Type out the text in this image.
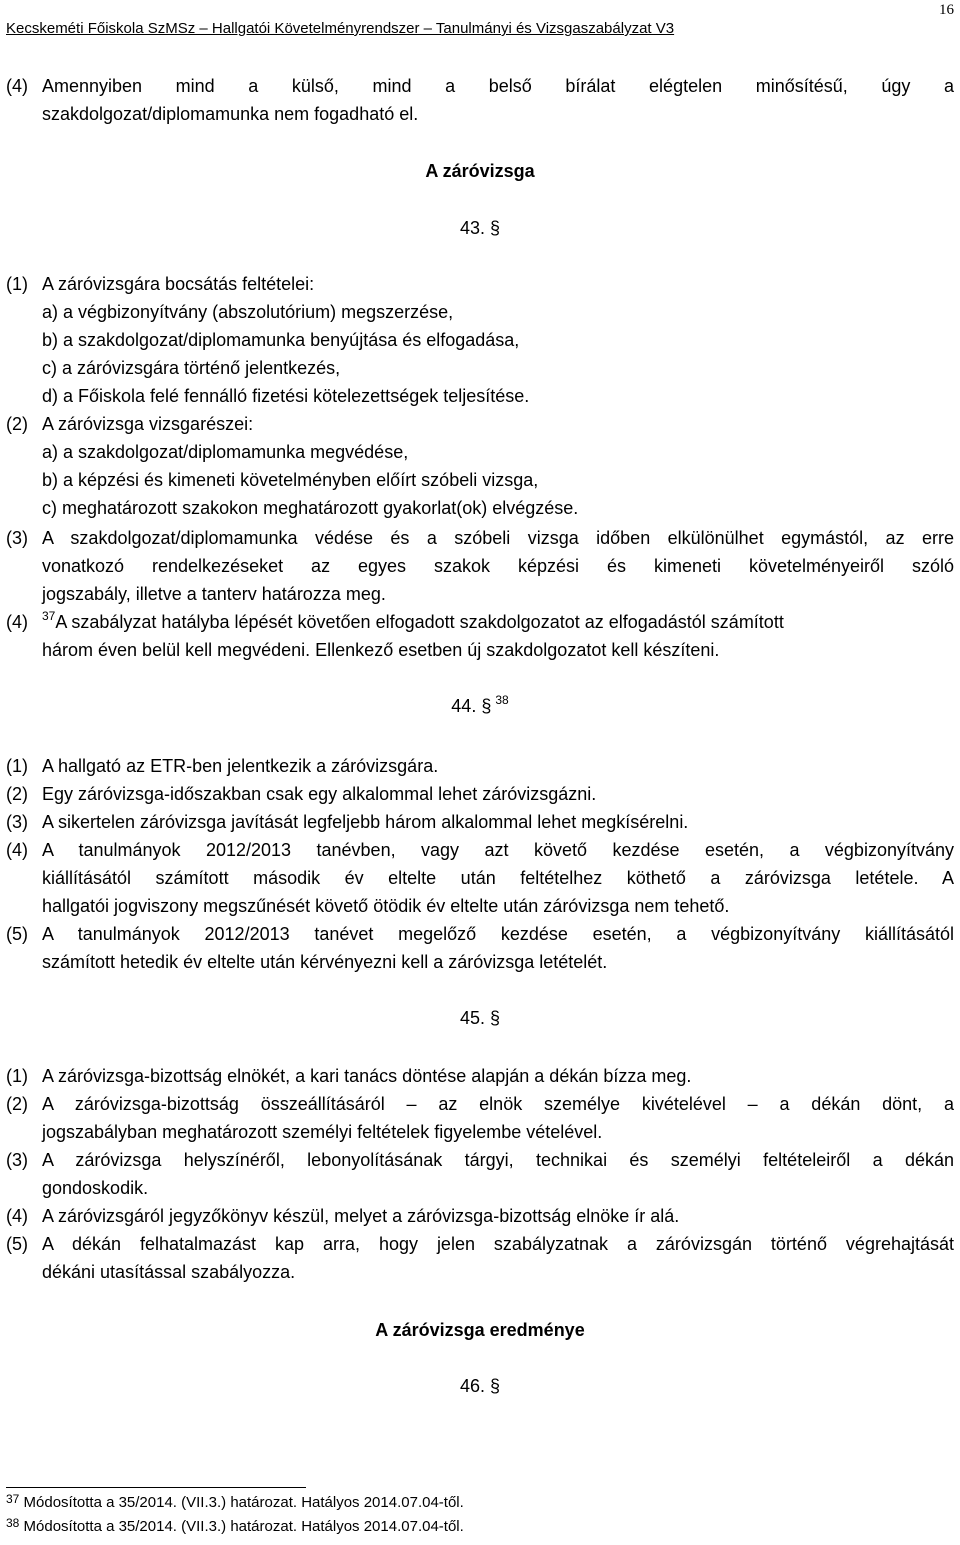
16
Kecskeméti Főiskola SzMSz – Hallgatói Követelményrendszer – Tanulmányi és Vizsgaszabályzat V3
(4) Amennyiben mind a külső, mind a belső bírálat elégtelen minősítésű, úgy a
szakdolgozat/diplomamunka nem fogadható el.
A záróvizsga
43. §
(1) A záróvizsgára bocsátás feltételei:
a) a végbizonyítvány (abszolutórium) megszerzése,
b) a szakdolgozat/diplomamunka benyújtása és elfogadása,
c) a záróvizsgára történő jelentkezés,
d) a Főiskola felé fennálló fizetési kötelezettségek teljesítése.
(2) A záróvizsga vizsgarészei:
a) a szakdolgozat/diplomamunka megvédése,
b) a képzési és kimeneti követelményben előírt szóbeli vizsga,
c) meghatározott szakokon meghatározott gyakorlat(ok) elvégzése.
(3) A szakdolgozat/diplomamunka védése és a szóbeli vizsga időben elkülönülhet egymástól, az erre
vonatkozó rendelkezéseket az egyes szakok képzési és kimeneti követelményeiről szóló
jogszabály, illetve a tanterv határozza meg.
(4) $^{37}$A szabályzat hatályba lépését követően elfogadott szakdolgozatot az elfogadástól számított
három éven belül kell megvédeni. Ellenkező esetben új szakdolgozatot kell készíteni.
44. § $^{38}$
(1) A hallgató az ETR-ben jelentkezik a záróvizsgára.
(2) Egy záróvizsga-időszakban csak egy alkalommal lehet záróvizsgázni.
(3) A sikertelen záróvizsga javítását legfeljebb három alkalommal lehet megkísérelni.
(4) A tanulmányok 2012/2013 tanévben, vagy azt követő kezdése esetén, a végbizonyítvány
kiállításától számított második év eltelte után feltételhez köthető a záróvizsga letétele. A
hallgatói jogviszony megszűnését követő ötödik év eltelte után záróvizsga nem tehető.
(5) A tanulmányok 2012/2013 tanévet megelőző kezdése esetén, a végbizonyítvány kiállításától
számított hetedik év eltelte után kérvényezni kell a záróvizsga letételét.
45. §
(1) A záróvizsga-bizottság elnökét, a kari tanács döntése alapján a dékán bízza meg.
(2) A záróvizsga-bizottság összeállításáról – az elnök személye kivételével – a dékán dönt, a
jogszabályban meghatározott személyi feltételek figyelembe vételével.
(3) A záróvizsga helyszínéről, lebonyolításának tárgyi, technikai és személyi feltételeiről a dékán
gondoskodik.
(4) A záróvizsgáról jegyzőkönyv készül, melyet a záróvizsga-bizottság elnöke ír alá.
(5) A dékán felhatalmazást kap arra, hogy jelen szabályzatnak a záróvizsgán történő végrehajtását
dékáni utasítással szabályozza.
A záróvizsga eredménye
46. §
$^{37}$ Módosította a 35/2014. (VII.3.) határozat. Hatályos 2014.07.04-től.
$^{38}$ Módosította a 35/2014. (VII.3.) határozat. Hatályos 2014.07.04-től.
